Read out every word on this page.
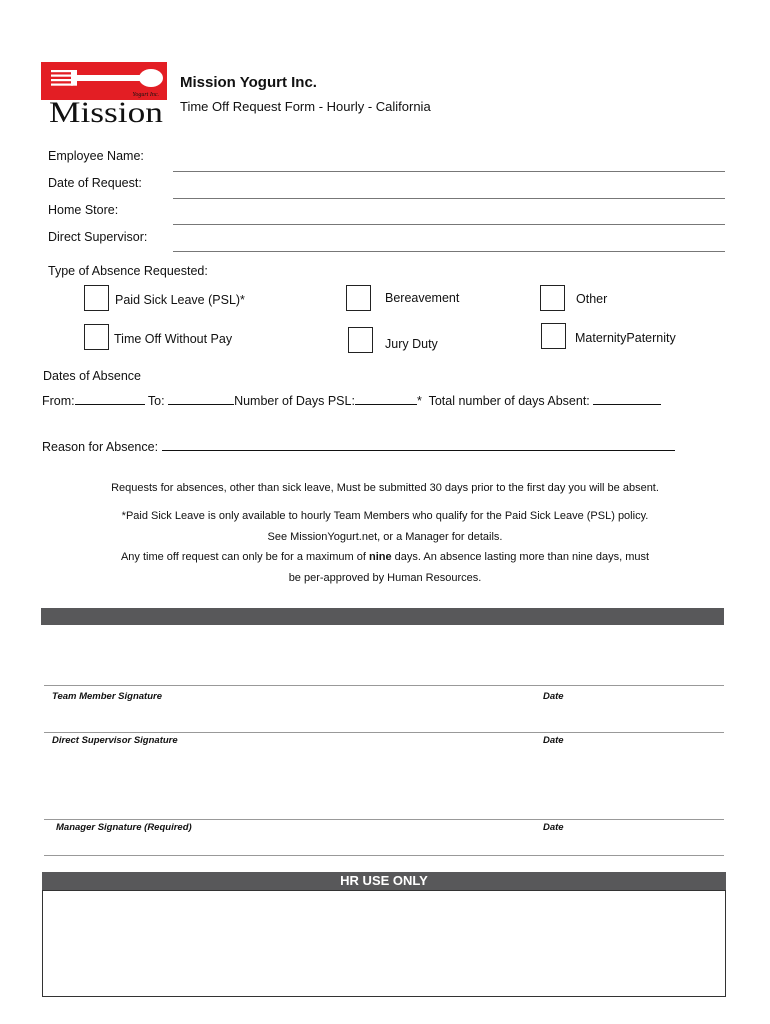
Yogurt Inc.
Mission
Mission Yogurt Inc.
Time Off Request Form - Hourly - California
Employee Name:
Date of Request:
Home Store:
Direct Supervisor:
Type of Absence Requested:
Paid Sick Leave (PSL)*	Bereavement	Other
Time Off Without Pay	Jury Duty	MaternityPaternity
Dates of Absence
From:	To:	Number of Days PSL:	* Total number of days Absent:
Reason for Absence:
Requests for absences, other than sick leave, Must be submitted 30 days prior to the first day you will be absent.
*Paid Sick Leave is only available to hourly Team Members who qualify for the Paid Sick Leave (PSL) policy.
See MissionYogurt.net, or a Manager for details.
Any time off request can only be for a maximum of nine days. An absence lasting more than nine days, must
be per-approved by Human Resources.
Team Member Signature	Date
Direct Supervisor Signature	Date
Manager Signature (Required)	Date
HR USE ONLY
